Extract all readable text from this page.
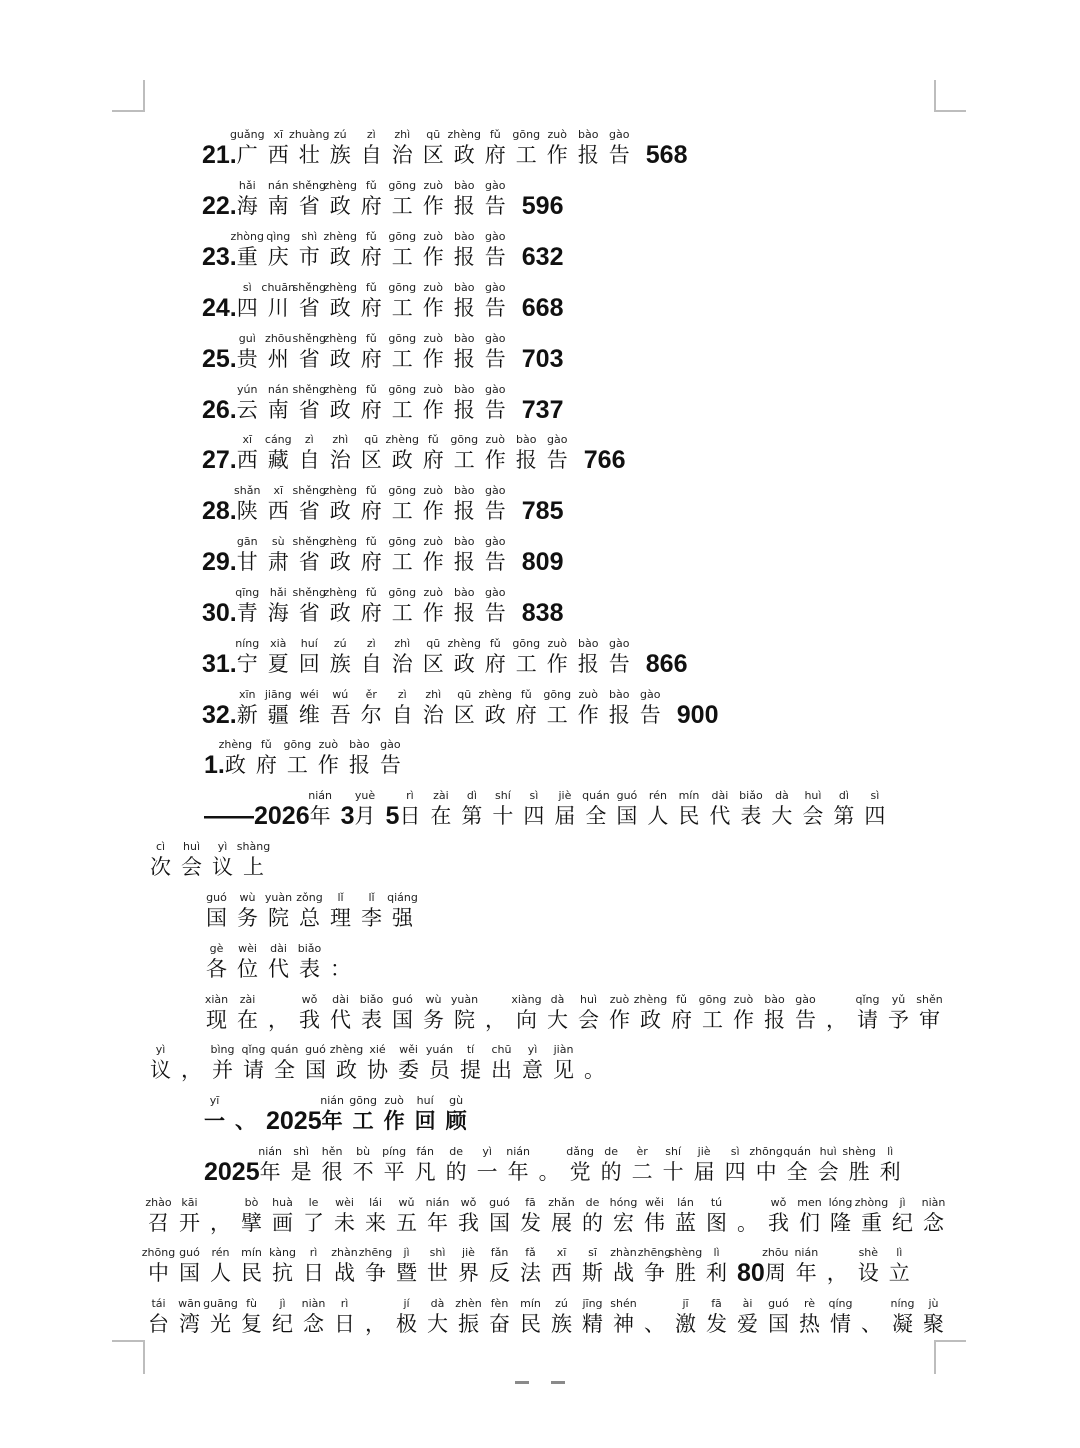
guǎng xī zhuàng zú zì zhì qū zhèng fǔ gōng zuò bào gào
21. 广西壮族自治区政府工作报告 568
hǎi nán shěng
zhèng fǔ gōng zuò bào gào
22. 海南省政府工作报告 596
zhòng qìng shì zhèng fǔ gōng zuò bào gào
23. 重庆市政府工作报告 632
sì chuān
shěng
zhèng fǔ gōng zuò bào gào
24. 四川省政府工作报告 668
guì zhōu shěng
zhèng fǔ gōng zuò bào gào
25. 贵州省政府工作报告 703
yún nán shěng
zhèng fǔ gōng zuò bào gào
26. 云南省政府工作报告 737
xī cáng zì zhì qū zhèng fǔ gōng zuò bào gào
27. 西藏自治区政府工作报告 766
shǎn xī shěng
zhèng fǔ gōng zuò bào gào
28. 陕西省政府工作报告 785
gān sù shěng
zhèng fǔ gōng zuò bào gào
29. 甘肃省政府工作报告 809
qīng hǎi shěng
zhèng fǔ gōng zuò bào gào
30. 青海省政府工作报告 838
níng xià huí zú zì zhì qū zhèng fǔ gōng zuò bào gào
31. 宁夏回族自治区政府工作报告 866
xīn jiāng wéi wú ěr zì zhì qū zhèng fǔ gōng zuò bào gào
32. 新疆维吾尔自治区政府工作报告 900
zhèng fǔ gōng zuò bào gào
1. 政府工作报告
nián yuè	rì zài dì shí sì jiè quán guó rén mín dài biǎo dà huì dì sì
——2026 年 3 月 5 日在第十四届全国人民代表大会第四
cì huì yì shàng
次会议上
guó wù yuàn zǒng lǐ lǐ qiáng
国务院总理李强
gè wèi dài biǎo
各位代表：
xiàn zài	wǒ dài biǎo guó wù yuàn	xiàng dà huì zuò zhèng fǔ gōng zuò bào gào	qǐng yǔ shěn
现在，我代表国务院，向大会作政府工作报告，请予审
yì	bìng qǐng quán guó zhèng xié wěi yuán tí chū yì jiàn
议，并请全国政协委员提出意见。
yī	nián gōng zuò huí gù
一、 2025 年工作回顾
nián shì hěn bù píng fán de yì nián	dǎng de èr shí jiè sì zhōng quán huì shèng lì
2025 年是很不平凡的一年。党的二十届四中全会胜利
zhào kāi	bò huà le wèi lái wǔ nián wǒ guó fā zhǎn de hóng wěi lán tú	wǒ men lóng zhòng jì niàn
召开，擘画了未来五年我国发展的宏伟蓝图。我们隆重纪念
zhōng guó rén mín kàng rì zhàn zhēng jì shì jiè fǎn fǎ xī sī zhàn zhēng
shèng lì	zhōu nián	shè lì
中国人民抗日战争暨世界反法西斯战争胜利 80 周年，设立
tái wān guāng fù jì niàn rì	jí dà zhèn fèn mín zú jīng shén	jī fā ài guó rè qíng	níng jù
台湾光复纪念日，极大振奋民族精神、激发爱国热情、凝聚
